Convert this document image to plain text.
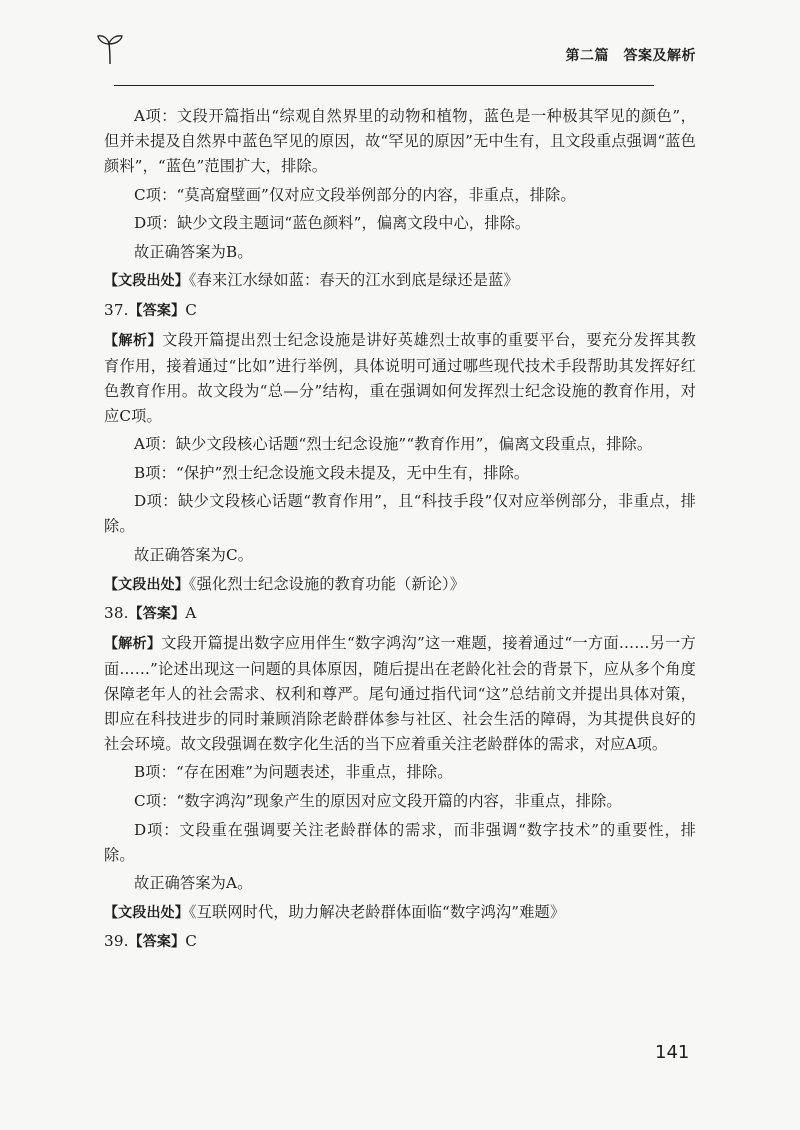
第二篇　答案及解析

A项：文段开篇指出“综观自然界里的动物和植物，蓝色是一种极其罕见的颜色”，但并未提及自然界中蓝色罕见的原因，故“罕见的原因”无中生有，且文段重点强调“蓝色颜料”，“蓝色”范围扩大，排除。

C项：“莫高窟壁画”仅对应文段举例部分的内容，非重点，排除。

D项：缺少文段主题词“蓝色颜料”，偏离文段中心，排除。

故正确答案为B。

【文段出处】《春来江水绿如蓝：春天的江水到底是绿还是蓝》

37.【答案】C

【解析】文段开篇提出烈士纪念设施是讲好英雄烈士故事的重要平台，要充分发挥其教育作用，接着通过“比如”进行举例，具体说明可通过哪些现代技术手段帮助其发挥好红色教育作用。故文段为“总—分”结构，重在强调如何发挥烈士纪念设施的教育作用，对应C项。

A项：缺少文段核心话题“烈士纪念设施”“教育作用”，偏离文段重点，排除。

B项：“保护”烈士纪念设施文段未提及，无中生有，排除。

D项：缺少文段核心话题“教育作用”，且“科技手段”仅对应举例部分，非重点，排除。

故正确答案为C。

【文段出处】《强化烈士纪念设施的教育功能（新论）》

38.【答案】A

【解析】文段开篇提出数字应用伴生“数字鸿沟”这一难题，接着通过“一方面……另一方面……”论述出现这一问题的具体原因，随后提出在老龄化社会的背景下，应从多个角度保障老年人的社会需求、权利和尊严。尾句通过指代词“这”总结前文并提出具体对策，即应在科技进步的同时兼顾消除老龄群体参与社区、社会生活的障碍，为其提供良好的社会环境。故文段强调在数字化生活的当下应着重关注老龄群体的需求，对应A项。

B项：“存在困难”为问题表述，非重点，排除。

C项：“数字鸿沟”现象产生的原因对应文段开篇的内容，非重点，排除。

D项：文段重在强调要关注老龄群体的需求，而非强调“数字技术”的重要性，排除。

故正确答案为A。

【文段出处】《互联网时代，助力解决老龄群体面临“数字鸿沟”难题》

39.【答案】C

141
